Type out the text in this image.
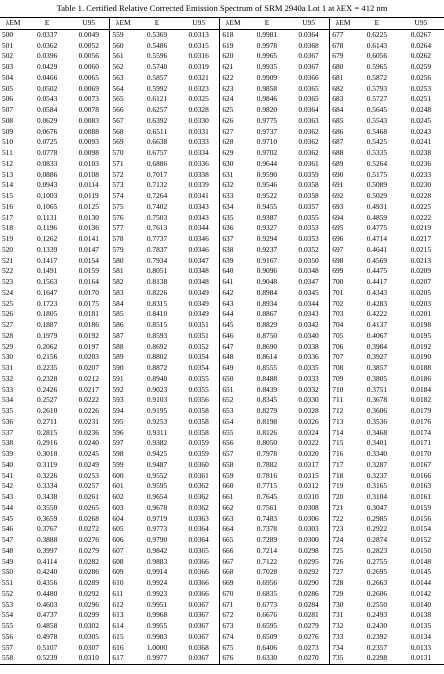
Table 1. Certified Relative Corrected Emission Spectrum of SRM 2940a Lot 1 at λEX = 412 nm
λEM	E	U95	λEM	E	U95	λEM	E	U95	λEM	E	U95
500	0.0337	0.0049	559	0.5369	0.0313	618	0.9981	0.0364	677	0.6225	0.0267
501	0.0362	0.0052	560	0.5486	0.0315	619	0.9978	0.0368	678	0.6143	0.0264
502	0.0396	0.0056	561	0.5596	0.0316	620	0.9965	0.0367	679	0.6056	0.0262
503	0.0429	0.0060	562	0.5740	0.0319	621	0.9935	0.0367	680	0.5965	0.0259
504	0.0466	0.0065	563	0.5857	0.0321	622	0.9909	0.0366	681	0.5872	0.0256
505	0.0502	0.0069	564	0.5992	0.0323	623	0.9858	0.0365	682	0.5793	0.0253
506	0.0543	0.0073	565	0.6121	0.0325	624	0.9846	0.0365	683	0.5727	0.0251
507	0.0584	0.0078	566	0.6257	0.0328	625	0.9820	0.0364	684	0.5645	0.0248
508	0.0629	0.0083	567	0.6392	0.0330	626	0.9775	0.0363	685	0.5543	0.0245
509	0.0676	0.0088	568	0.6511	0.0331	627	0.9737	0.0362	686	0.5468	0.0243
510	0.0725	0.0093	569	0.6638	0.0333	628	0.9710	0.0362	687	0.5425	0.0241
511	0.0778	0.0098	570	0.6757	0.0334	629	0.9702	0.0362	688	0.5335	0.0238
512	0.0833	0.0103	571	0.6886	0.0336	630	0.9644	0.0361	689	0.5264	0.0236
513	0.0886	0.0108	572	0.7017	0.0338	631	0.9590	0.0359	690	0.5175	0.0233
514	0.0943	0.0114	573	0.7132	0.0339	632	0.9546	0.0358	691	0.5089	0.0230
515	0.1003	0.0119	574	0.7264	0.0341	633	0.9522	0.0358	692	0.5029	0.0228
516	0.1065	0.0125	575	0.7402	0.0343	634	0.9455	0.0357	693	0.4931	0.0225
517	0.1131	0.0130	576	0.7503	0.0343	635	0.9387	0.0355	694	0.4859	0.0222
518	0.1196	0.0136	577	0.7613	0.0344	636	0.9327	0.0353	695	0.4775	0.0219
519	0.1262	0.0141	578	0.7737	0.0346	637	0.9294	0.0353	696	0.4714	0.0217
520	0.1339	0.0147	579	0.7837	0.0346	638	0.9237	0.0352	697	0.4641	0.0215
521	0.1417	0.0154	580	0.7934	0.0347	639	0.9167	0.0350	698	0.4569	0.0213
522	0.1491	0.0159	581	0.8051	0.0348	640	0.9096	0.0348	699	0.4475	0.0209
523	0.1563	0.0164	582	0.8138	0.0348	641	0.9048	0.0347	700	0.4417	0.0207
524	0.1647	0.0170	583	0.8226	0.0349	642	0.8984	0.0345	701	0.4343	0.0205
525	0.1723	0.0175	584	0.8315	0.0349	643	0.8934	0.0344	702	0.4283	0.0203
526	0.1805	0.0181	585	0.8410	0.0349	644	0.8867	0.0343	703	0.4222	0.0201
527	0.1887	0.0186	586	0.8515	0.0351	645	0.8829	0.0342	704	0.4137	0.0198
528	0.1979	0.0192	587	0.8593	0.0351	646	0.8750	0.0340	705	0.4067	0.0195
529	0.2062	0.0197	588	0.8692	0.0352	647	0.8690	0.0338	706	0.3984	0.0192
530	0.2156	0.0203	589	0.8802	0.0354	648	0.8614	0.0336	707	0.3927	0.0190
531	0.2235	0.0207	590	0.8872	0.0354	649	0.8555	0.0335	708	0.3857	0.0188
532	0.2328	0.0212	591	0.8940	0.0355	650	0.8488	0.0333	709	0.3805	0.0186
533	0.2426	0.0217	592	0.9023	0.0355	651	0.8439	0.0332	710	0.3751	0.0184
534	0.2527	0.0222	593	0.9103	0.0356	652	0.8345	0.0330	711	0.3678	0.0182
535	0.2610	0.0226	594	0.9195	0.0358	653	0.8279	0.0328	712	0.3606	0.0179
536	0.2711	0.0231	595	0.9253	0.0358	654	0.8198	0.0326	713	0.3536	0.0176
537	0.2815	0.0236	596	0.9311	0.0358	655	0.8126	0.0324	714	0.3468	0.0174
538	0.2916	0.0240	597	0.9382	0.0359	656	0.8050	0.0322	715	0.3401	0.0171
539	0.3018	0.0245	598	0.9425	0.0359	657	0.7978	0.0320	716	0.3340	0.0170
540	0.3119	0.0249	599	0.9487	0.0360	658	0.7882	0.0317	717	0.3287	0.0167
541	0.3226	0.0253	600	0.9552	0.0361	659	0.7816	0.0315	718	0.3237	0.0166
542	0.3334	0.0257	601	0.9595	0.0362	660	0.7715	0.0312	719	0.3165	0.0163
543	0.3438	0.0261	602	0.9654	0.0362	661	0.7645	0.0310	720	0.3104	0.0161
544	0.3550	0.0265	603	0.9678	0.0362	662	0.7561	0.0308	721	0.3047	0.0159
545	0.3659	0.0268	604	0.9719	0.0363	663	0.7483	0.0306	722	0.2985	0.0156
546	0.3767	0.0272	605	0.9773	0.0364	664	0.7378	0.0303	723	0.2922	0.0154
547	0.3888	0.0276	606	0.9790	0.0364	665	0.7289	0.0300	724	0.2874	0.0152
548	0.3997	0.0279	607	0.9842	0.0365	666	0.7214	0.0298	725	0.2823	0.0150
549	0.4114	0.0282	608	0.9883	0.0366	667	0.7122	0.0295	726	0.2755	0.0148
550	0.4240	0.0286	609	0.9914	0.0366	668	0.7028	0.0292	727	0.2695	0.0145
551	0.4356	0.0289	610	0.9924	0.0366	669	0.6956	0.0290	728	0.2663	0.0144
552	0.4480	0.0292	611	0.9923	0.0366	670	0.6835	0.0286	729	0.2606	0.0142
553	0.4603	0.0296	612	0.9951	0.0367	671	0.6773	0.0284	730	0.2550	0.0140
554	0.4737	0.0299	613	0.9968	0.0367	672	0.6676	0.0281	731	0.2493	0.0138
555	0.4858	0.0302	614	0.9955	0.0367	673	0.6595	0.0279	732	0.2430	0.0135
556	0.4978	0.0305	615	0.9983	0.0367	674	0.6509	0.0276	733	0.2392	0.0134
557	0.5107	0.0307	616	1.0000	0.0368	675	0.6406	0.0273	734	0.2357	0.0133
558	0.5239	0.0310	617	0.9977	0.0367	676	0.6330	0.0270	735	0.2298	0.0131
